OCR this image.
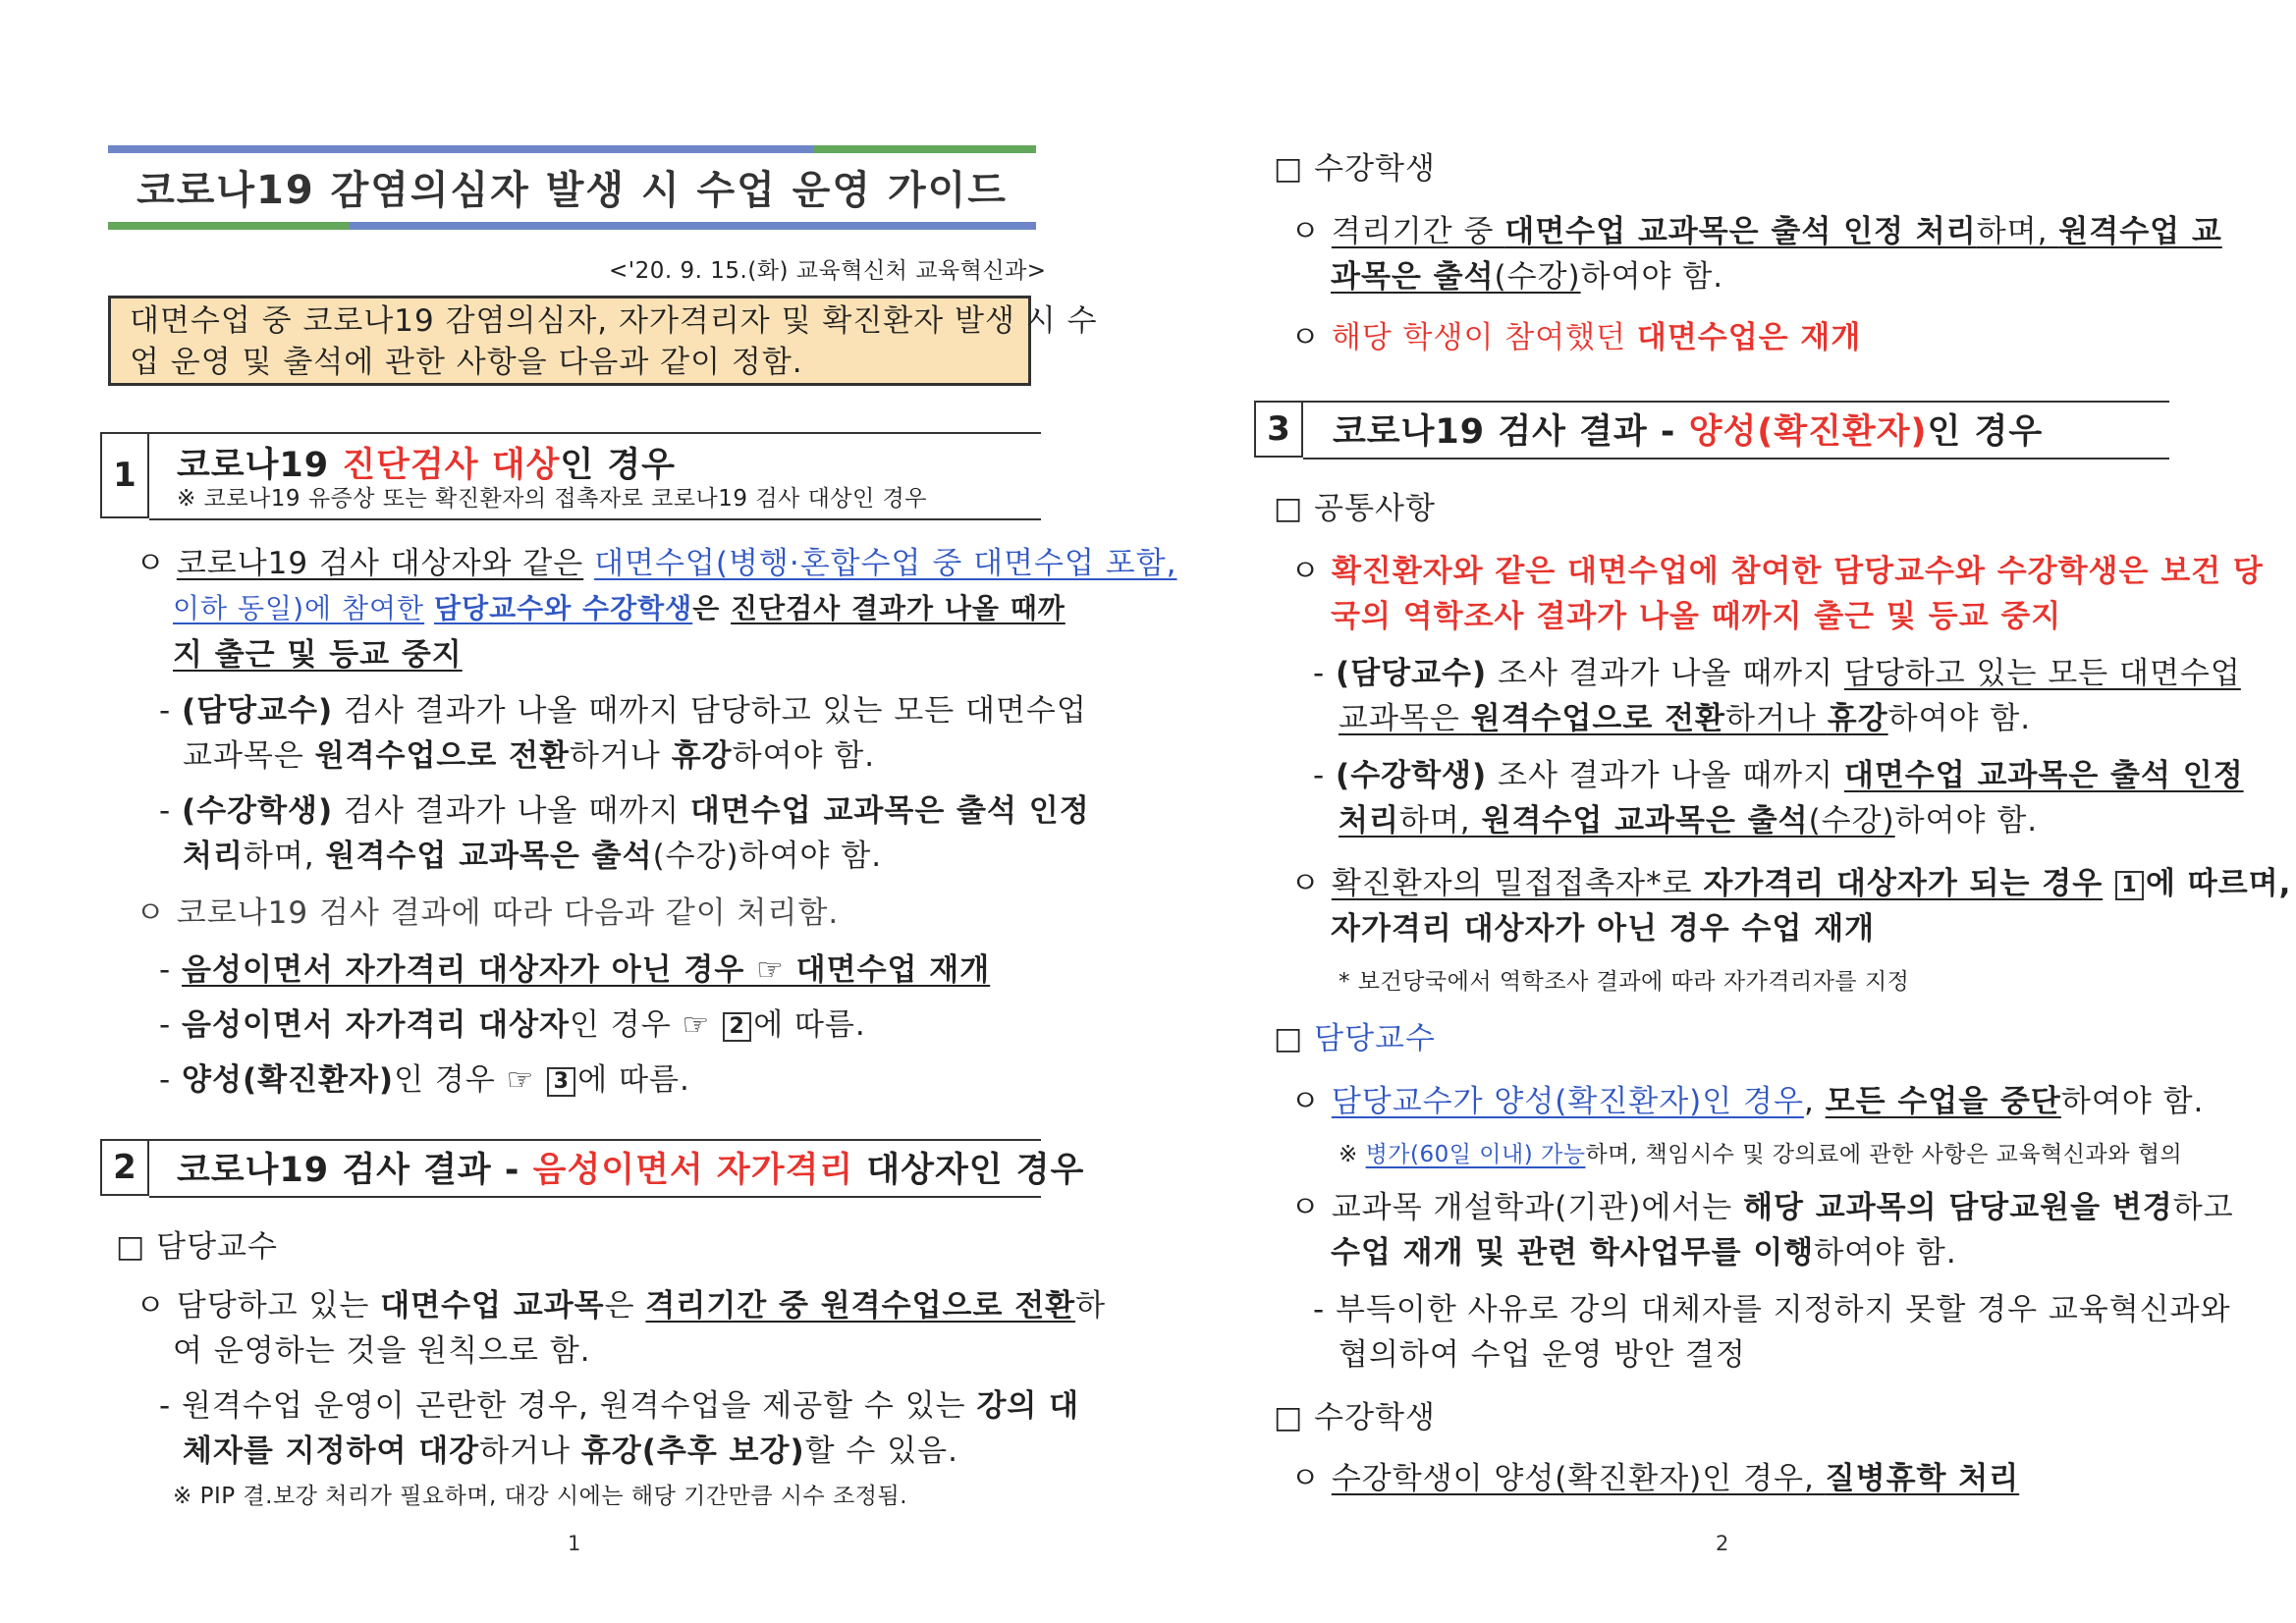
코로나19 감염의심자 발생 시 수업 운영 가이드
<'20. 9. 15.(화) 교육혁신처 교육혁신과>
대면수업 중 코로나19 감염의심자, 자가격리자 및 확진환자 발생 시 수
업 운영 및 출석에 관한 사항을 다음과 같이 정함.
1	코로나19 진단검사 대상인 경우
※ 코로나19 유증상 또는 확진환자의 접촉자로 코로나19 검사 대상인 경우
ㅇ 코로나19 검사 대상자와 같은 대면수업(병행·혼합수업 중 대면수업 포함,
이하 동일)에 참여한 담당교수와 수강학생은 진단검사 결과가 나올 때까
지 출근 및 등교 중지
- (담당교수) 검사 결과가 나올 때까지 담당하고 있는 모든 대면수업
교과목은 원격수업으로 전환하거나 휴강하여야 함.
- (수강학생) 검사 결과가 나올 때까지 대면수업 교과목은 출석 인정
처리하며, 원격수업 교과목은 출석(수강)하여야 함.
ㅇ 코로나19 검사 결과에 따라 다음과 같이 처리함.
- 음성이면서 자가격리 대상자가 아닌 경우 ☞ 대면수업 재개
- 음성이면서 자가격리 대상자인 경우 ☞ 2 에 따름.
- 양성(확진환자)인 경우 ☞ 3 에 따름.
2	코로나19 검사 결과 - 음성이면서 자가격리 대상자인 경우
□ 담당교수
ㅇ 담당하고 있는 대면수업 교과목은 격리기간 중 원격수업으로 전환하
여 운영하는 것을 원칙으로 함.
- 원격수업 운영이 곤란한 경우, 원격수업을 제공할 수 있는 강의 대
체자를 지정하여 대강하거나 휴강(추후 보강)할 수 있음.
※ PIP 결.보강 처리가 필요하며, 대강 시에는 해당 기간만큼 시수 조정됨.
1
□ 수강학생
ㅇ 격리기간 중 대면수업 교과목은 출석 인정 처리하며, 원격수업 교
과목은 출석(수강)하여야 함.
ㅇ 해당 학생이 참여했던 대면수업은 재개
3	코로나19 검사 결과 - 양성(확진환자)인 경우
□ 공통사항
ㅇ 확진환자와 같은 대면수업에 참여한 담당교수와 수강학생은 보건 당
국의 역학조사 결과가 나올 때까지 출근 및 등교 중지
- (담당교수) 조사 결과가 나올 때까지 담당하고 있는 모든 대면수업
교과목은 원격수업으로 전환하거나 휴강하여야 함.
- (수강학생) 조사 결과가 나올 때까지 대면수업 교과목은 출석 인정
처리하며, 원격수업 교과목은 출석(수강)하여야 함.
ㅇ 확진환자의 밀접접촉자*로 자가격리 대상자가 되는 경우 1 에 따르며,
자가격리 대상자가 아닌 경우 수업 재개
* 보건당국에서 역학조사 결과에 따라 자가격리자를 지정
□ 담당교수
ㅇ 담당교수가 양성(확진환자)인 경우, 모든 수업을 중단하여야 함.
※ 병가(60일 이내) 가능하며, 책임시수 및 강의료에 관한 사항은 교육혁신과와 협의
ㅇ 교과목 개설학과(기관)에서는 해당 교과목의 담당교원을 변경하고
수업 재개 및 관련 학사업무를 이행하여야 함.
- 부득이한 사유로 강의 대체자를 지정하지 못할 경우 교육혁신과와
협의하여 수업 운영 방안 결정
□ 수강학생
ㅇ 수강학생이 양성(확진환자)인 경우, 질병휴학 처리
2
